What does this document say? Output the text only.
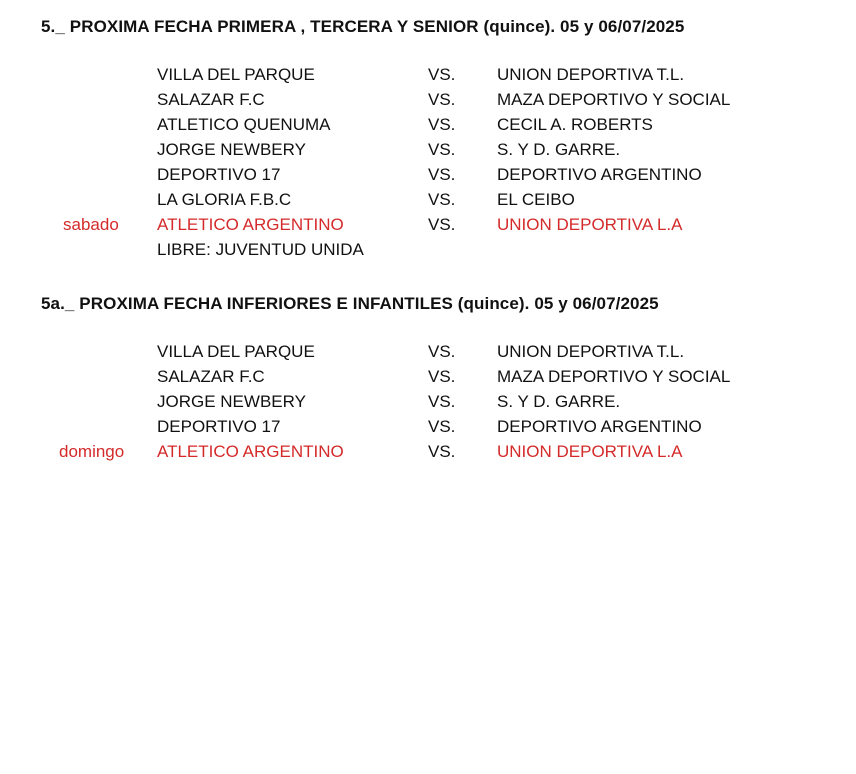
5._ PROXIMA FECHA PRIMERA , TERCERA Y SENIOR (quince). 05 y 06/07/2025
VILLA DEL PARQUE	VS. UNION DEPORTIVA T.L.
SALAZAR F.C	VS. MAZA DEPORTIVO Y SOCIAL
ATLETICO QUENUMA	VS. CECIL A. ROBERTS
JORGE NEWBERY	VS. S. Y D. GARRE.
DEPORTIVO 17	VS. DEPORTIVO ARGENTINO
LA GLORIA F.B.C	VS. EL CEIBO
sabado ATLETICO ARGENTINO	VS. UNION DEPORTIVA L.A
LIBRE: JUVENTUD UNIDA
5a._ PROXIMA FECHA INFERIORES E INFANTILES (quince). 05 y 06/07/2025
VILLA DEL PARQUE	VS. UNION DEPORTIVA T.L.
SALAZAR F.C	VS. MAZA DEPORTIVO Y SOCIAL
JORGE NEWBERY	VS. S. Y D. GARRE.
DEPORTIVO 17	VS. DEPORTIVO ARGENTINO
domingo ATLETICO ARGENTINO	VS. UNION DEPORTIVA L.A
